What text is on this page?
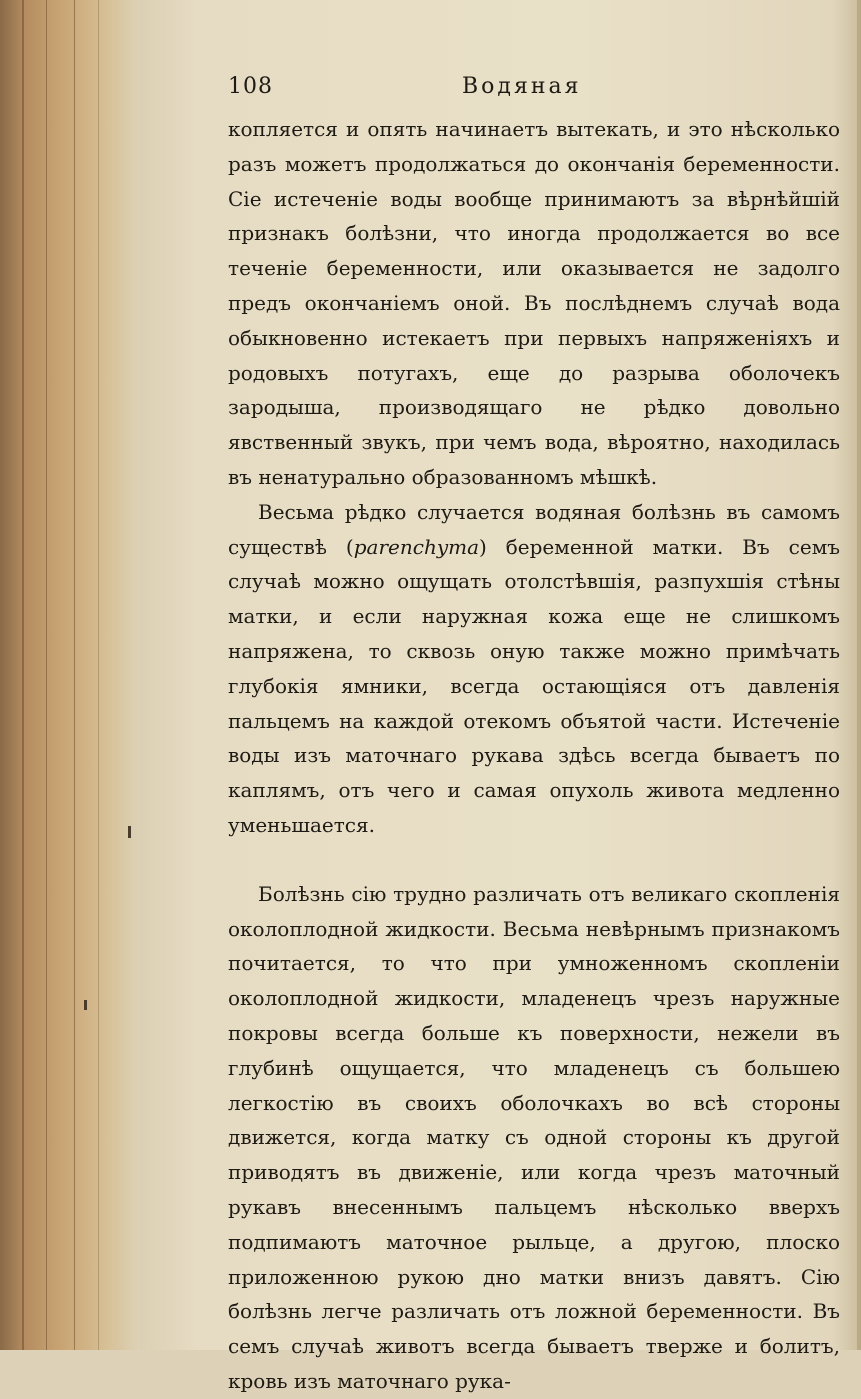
108	Водяная

копляется и опять начинаетъ вытекать, и это нѣсколько разъ можетъ продолжаться до окончанія беременности. Сіе истеченіе воды вообще принимаютъ за вѣрнѣйшій признакъ болѣзни, что иногда продолжается во все теченіе беременности, или оказывается не задолго предъ окончаніемъ оной. Въ послѣднемъ случаѣ вода обыкновенно истекаетъ при первыхъ напряженіяхъ и родовыхъ потугахъ, еще до разрыва оболочекъ зародыша, производящаго не рѣдко довольно явственный звукъ, при чемъ вода, вѣроятно, находилась въ ненатурально образованномъ мѣшкѣ.

Весьма рѣдко случается водяная болѣзнь въ самомъ существѣ (parenchyma) беременной матки. Въ семъ случаѣ можно ощущать отолстѣвшія, разпухшія стѣны матки, и если наружная кожа еще не слишкомъ напряжена, то сквозь оную также можно примѣчать глубокія ямники, всегда остающіяся отъ давленія пальцемъ на каждой отекомъ объятой части. Истеченіе воды изъ маточнаго рукава здѣсь всегда бываетъ по каплямъ, отъ чего и самая опухоль живота медленно уменьшается.

Болѣзнь сію трудно различать отъ великаго скопленія околоплодной жидкости. Весьма невѣрнымъ признакомъ почитается, то что при умноженномъ скопленіи околоплодной жидкости, младенецъ чрезъ наружные покровы всегда больше къ поверхности, нежели въ глубинѣ ощущается, что младенецъ съ большею легкостію въ своихъ оболочкахъ во всѣ стороны движется, когда матку съ одной стороны къ другой приводятъ въ движеніе, или когда чрезъ маточный рукавъ внесеннымъ пальцемъ нѣсколько вверхъ подпимаютъ маточное рыльце, а другою, плоско приложенною рукою дно матки внизъ давятъ. Сію болѣзнь легче различать отъ ложной беременности. Въ семъ случаѣ животъ всегда бываетъ тверже и болитъ, кровь изъ маточнаго рука-
